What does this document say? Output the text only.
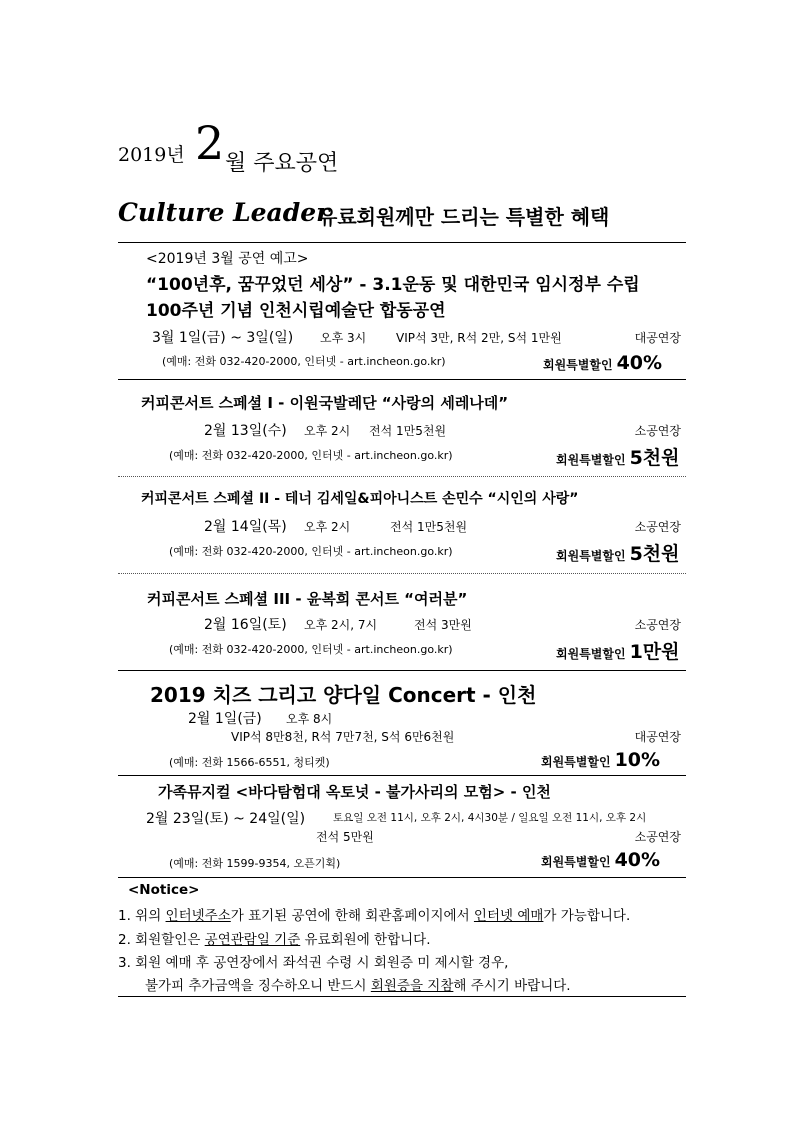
2019년 2 월 주요공연
Culture Leader
유료회원께만 드리는 특별한 혜택
<2019년 3월 공연 예고>
“100년후, 꿈꾸었던 세상” - 3.1운동 및 대한민국 임시정부 수립
100주년 기념 인천시립예술단 합동공연
3월 1일(금) ~ 3일(일) 오후 3시 VIP석 3만, R석 2만, S석 1만원	대공연장
(예매: 전화 032-420-2000, 인터넷 - art.incheon.go.kr)	회원특별할인 40%
커피콘서트 스페셜 I - 이원국발레단 “사랑의 세레나데”
2월 13일(수) 오후 2시 전석 1만5천원	소공연장
(예매: 전화 032-420-2000, 인터넷 - art.incheon.go.kr)	회원특별할인 5천원
커피콘서트 스페셜 II - 테너 김세일&피아니스트 손민수 “시인의 사랑”
2월 14일(목) 오후 2시	전석 1만5천원	소공연장
(예매: 전화 032-420-2000, 인터넷 - art.incheon.go.kr)	회원특별할인 5천원
커피콘서트 스페셜 III - 윤복희 콘서트 “여러분”
2월 16일(토) 오후 2시, 7시	전석 3만원	소공연장
(예매: 전화 032-420-2000, 인터넷 - art.incheon.go.kr)	회원특별할인 1만원
2019 치즈 그리고 양다일 Concert - 인천
2월 1일(금) 오후 8시
VIP석 8만8천, R석 7만7천, S석 6만6천원	대공연장
(예매: 전화 1566-6551, 청티켓)	회원특별할인 10%
가족뮤지컬 <바다탐험대 옥토넛 - 불가사리의 모험> - 인천
2월 23일(토) ~ 24일(일)	토요일 오전 11시, 오후 2시, 4시30분 / 일요일 오전 11시, 오후 2시
전석 5만원	소공연장
(예매: 전화 1599-9354, 오픈기획)	회원특별할인 40%
<Notice>
1. 위의 인터넷주소가 표기된 공연에 한해 회관홈페이지에서 인터넷 예매가 가능합니다.
2. 회원할인은 공연관람일 기준 유료회원에 한합니다.
3. 회원 예매 후 공연장에서 좌석권 수령 시 회원증 미 제시할 경우,
불가피 추가금액을 징수하오니 반드시 회원증을 지참해 주시기 바랍니다.
